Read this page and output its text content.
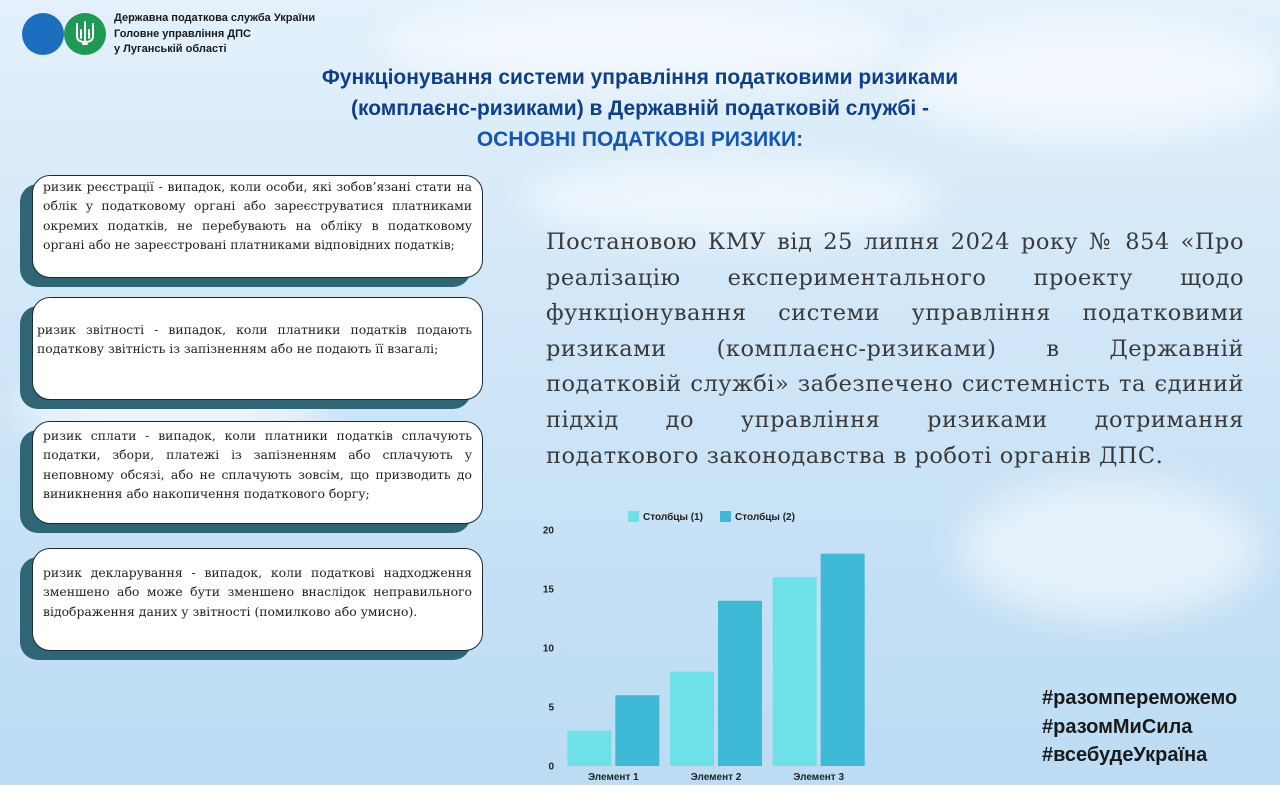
Державна податкова служба України
Головне управління ДПС
у Луганській області
Функціонування системи управління податковими ризиками
(комплаєнс-ризиками) в Державній податковій службі -
ОСНОВНІ ПОДАТКОВІ РИЗИКИ:
ризик реєстрації - випадок, коли особи, які зобов’язані стати на облік у податковому органі або зареєструватися платниками окремих податків, не перебувають на обліку в податковому органі або не зареєстровані платниками відповідних податків;
ризик звітності - випадок, коли платники податків подають податкову звітність із запізненням або не подають її взагалі;
ризик сплати - випадок, коли платники податків сплачують податки, збори, платежі із запізненням або сплачують у неповному обсязі, або не сплачують зовсім, що призводить до виникнення або накопичення податкового боргу;
ризик декларування - випадок, коли податкові надходження зменшено або може бути зменшено внаслідок неправильного відображення даних у звітності (помилково або умисно).
Постановою КМУ від 25 липня 2024 року № 854 «Про реалізацію експериментального проекту щодо функціонування системи управління податковими ризиками (комплаєнс-ризиками) в Державній податковій службі» забезпечено системність та єдиний підхід до управління ризиками дотримання податкового законодавства в роботі органів ДПС.
0
5
10
15
20
Элемент 1	Элемент 2	Элемент 3
Столбцы (1)	Столбцы (2)
#разомпереможемо
#разомМиСила
#всебудеУкраїна
